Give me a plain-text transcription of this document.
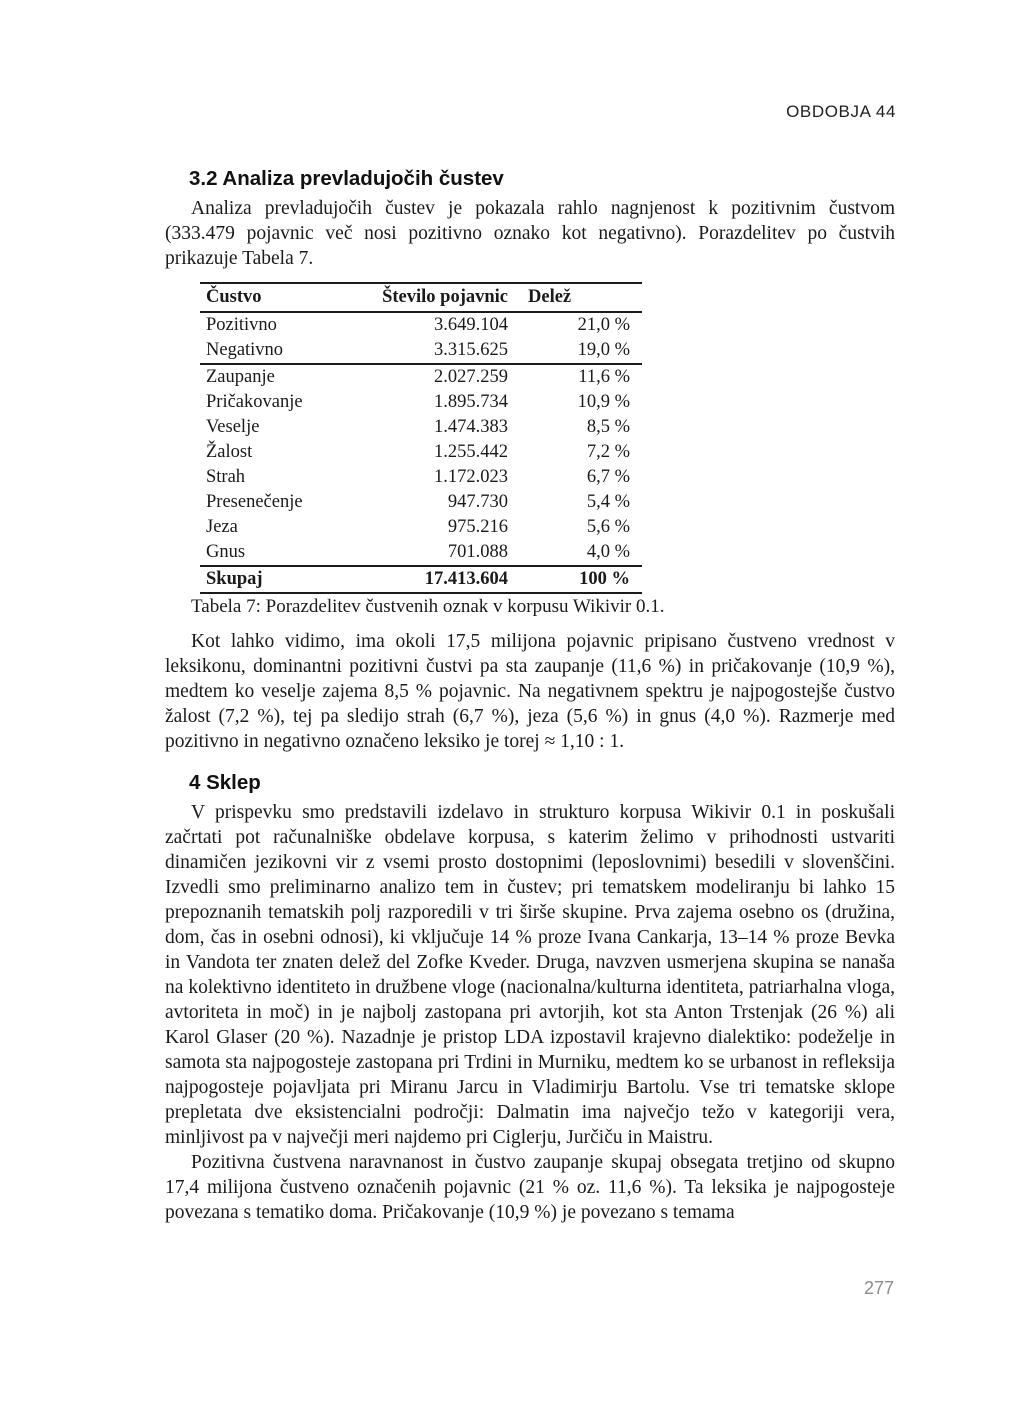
OBDOBJA 44
3.2 Analiza prevladujočih čustev

Analiza prevladujočih čustev je pokazala rahlo nagnjenost k pozitivnim čustvom (333.479 pojavnic več nosi pozitivno oznako kot negativno). Porazdelitev po čustvih prikazuje Tabela 7.

Čustvo	Število pojavnic	Delež
Pozitivno	3.649.104	21,0 %
Negativno	3.315.625	19,0 %
Zaupanje	2.027.259	11,6 %
Pričakovanje	1.895.734	10,9 %
Veselje	1.474.383	8,5 %
Žalost	1.255.442	7,2 %
Strah	1.172.023	6,7 %
Presenečenje	947.730	5,4 %
Jeza	975.216	5,6 %
Gnus	701.088	4,0 %
Skupaj	17.413.604	100 %

Tabela 7: Porazdelitev čustvenih oznak v korpusu Wikivir 0.1.

Kot lahko vidimo, ima okoli 17,5 milijona pojavnic pripisano čustveno vrednost v leksikonu, dominantni pozitivni čustvi pa sta zaupanje (11,6 %) in pričakovanje (10,9 %), medtem ko veselje zajema 8,5 % pojavnic. Na negativnem spektru je najpogostejše čustvo žalost (7,2 %), tej pa sledijo strah (6,7 %), jeza (5,6 %) in gnus (4,0 %). Razmerje med pozitivno in negativno označeno leksiko je torej ≈ 1,10 : 1.

4 Sklep

V prispevku smo predstavili izdelavo in strukturo korpusa Wikivir 0.1 in poskušali začrtati pot računalniške obdelave korpusa, s katerim želimo v prihodnosti ustvariti dinamičen jezikovni vir z vsemi prosto dostopnimi (leposlovnimi) besedili v slovenščini. Izvedli smo preliminarno analizo tem in čustev; pri tematskem modeliranju bi lahko 15 prepoznanih tematskih polj razporedili v tri širše skupine. Prva zajema osebno os (družina, dom, čas in osebni odnosi), ki vključuje 14 % proze Ivana Cankarja, 13–14 % proze Bevka in Vandota ter znaten delež del Zofke Kveder. Druga, navzven usmerjena skupina se nanaša na kolektivno identiteto in družbene vloge (nacionalna/kulturna identiteta, patriarhalna vloga, avtoriteta in moč) in je najbolj zastopana pri avtorjih, kot sta Anton Trstenjak (26 %) ali Karol Glaser (20 %). Nazadnje je pristop LDA izpostavil krajevno dialektiko: podeželje in samota sta najpogosteje zastopana pri Trdini in Murniku, medtem ko se urbanost in refleksija najpogosteje pojavljata pri Miranu Jarcu in Vladimirju Bartolu. Vse tri tematske sklope prepletata dve eksistencialni področji: Dalmatin ima največjo težo v kategoriji vera, minljivost pa v največji meri najdemo pri Ciglerju, Jurčiču in Maistru.

Pozitivna čustvena naravnanost in čustvo zaupanje skupaj obsegata tretjino od skupno 17,4 milijona čustveno označenih pojavnic (21 % oz. 11,6 %). Ta leksika je najpogosteje povezana s tematiko doma. Pričakovanje (10,9 %) je povezano s temama

277
